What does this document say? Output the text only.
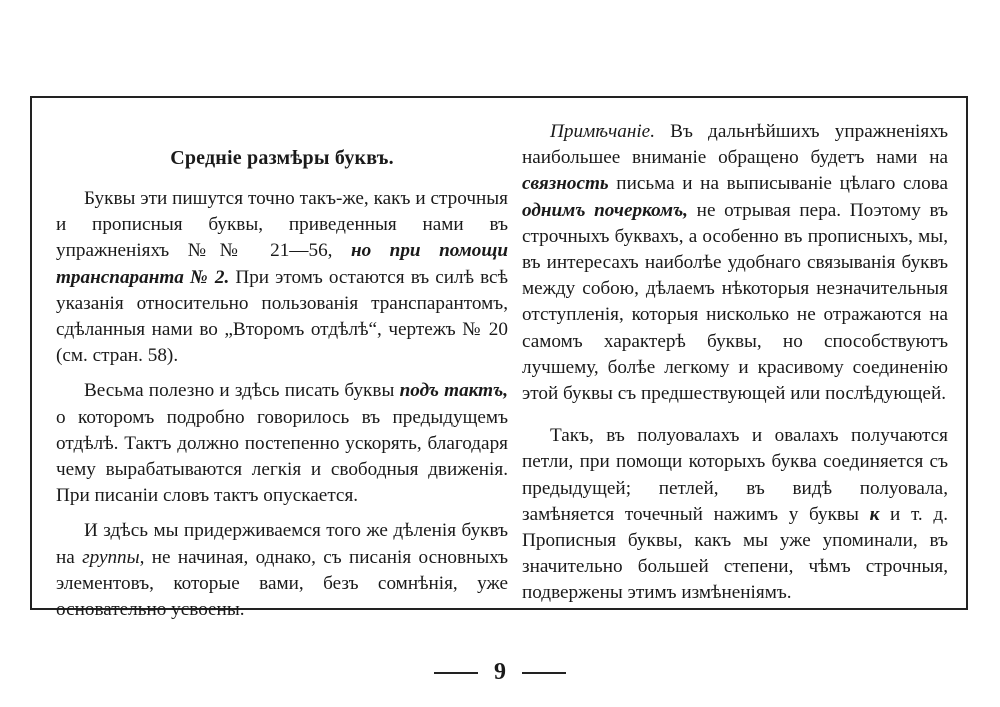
Средніе размѣры буквъ.

Буквы эти пишутся точно такъ-же, какъ и строчныя и прописныя буквы, приведенныя нами въ упражненіяхъ №№ 21—56, но при помощи транспаранта № 2. При этомъ остаются въ силѣ всѣ указанія относительно пользованія транспарантомъ, сдѣланныя нами во „Второмъ отдѣлѣ“, чертежъ № 20 (см. стран. 58).

Весьма полезно и здѣсь писать буквы подъ тактъ, о которомъ подробно говорилось въ предыдущемъ отдѣлѣ. Тактъ должно постепенно ускорять, благодаря чему вырабатываются легкія и свободныя движенія. При писаніи словъ тактъ опускается.

И здѣсь мы придерживаемся того же дѣленія буквъ на группы, не начиная, однако, съ писанія основныхъ элементовъ, которые вами, безъ сомнѣнія, уже основательно усвоены.

Примѣчаніе. Въ дальнѣйшихъ упражненіяхъ наибольшее вниманіе обращено будетъ нами на связность письма и на выписываніе цѣлаго слова однимъ почеркомъ, не отрывая пера. Поэтому въ строчныхъ буквахъ, а особенно въ прописныхъ, мы, въ интересахъ наиболѣе удобнаго связыванія буквъ между собою, дѣлаемъ нѣкоторыя незначительныя отступленія, которыя нисколько не отражаются на самомъ характерѣ буквы, но способствуютъ лучшему, болѣе легкому и красивому соединенію этой буквы съ предшествующей или послѣдующей.

Такъ, въ полуовалахъ и овалахъ получаются петли, при помощи которыхъ буква соединяется съ предыдущей; петлей, въ видѣ полуовала, замѣняется точечный нажимъ у буквы к и т. д. Прописныя буквы, какъ мы уже упоминали, въ значительно большей степени, чѣмъ строчныя, подвержены этимъ измѣненіямъ.

9
